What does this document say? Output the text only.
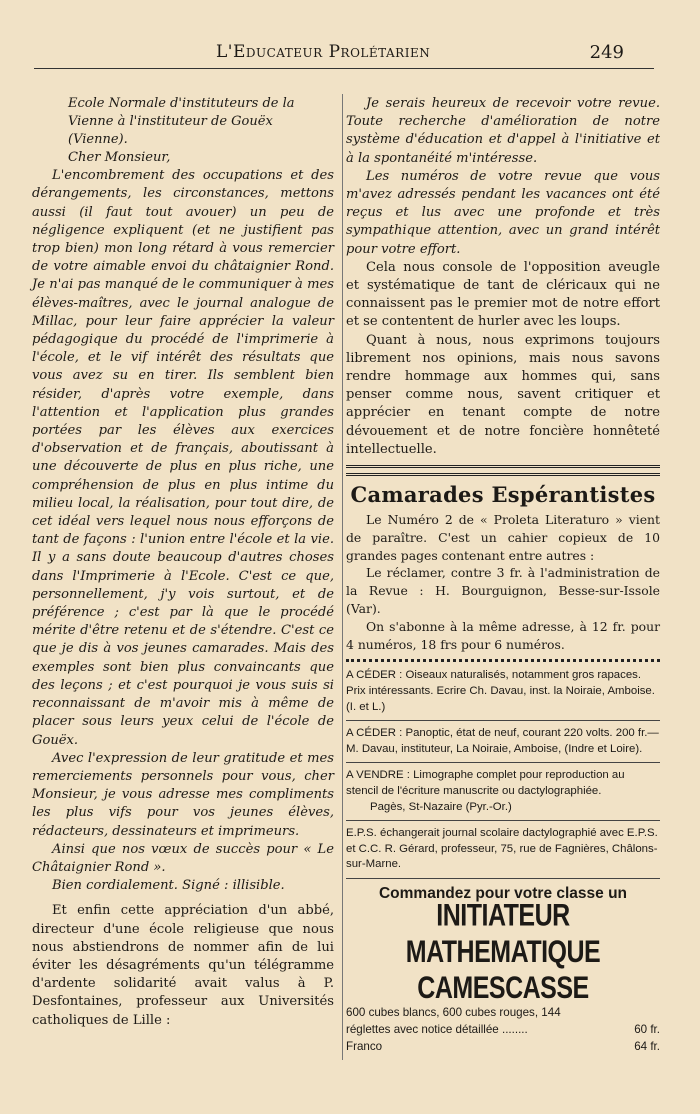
L'Educateur Prolétarien	249

Ecole Normale d'instituteurs de la

Vienne à l'instituteur de Gouëx

(Vienne).

Cher Monsieur,

L'encombrement des occupations et des dérangements, les circonstances, mettons aussi (il faut tout avouer) un peu de négligence expliquent (et ne justifient pas trop bien) mon long rétard à vous remercier de votre aimable envoi du châtaignier Rond. Je n'ai pas manqué de le communiquer à mes élèves-maîtres, avec le journal analogue de Millac, pour leur faire apprécier la valeur pédagogique du procédé de l'imprimerie à l'école, et le vif intérêt des résultats que vous avez su en tirer. Ils semblent bien résider, d'après votre exemple, dans l'attention et l'application plus grandes portées par les élèves aux exercices d'observation et de français, aboutissant à une découverte de plus en plus riche, une compréhension de plus en plus intime du milieu local, la réalisation, pour tout dire, de cet idéal vers lequel nous nous efforçons de tant de façons : l'union entre l'école et la vie. Il y a sans doute beaucoup d'autres choses dans l'Imprimerie à l'Ecole. C'est ce que, personnellement, j'y vois surtout, et de préférence ; c'est par là que le procédé mérite d'être retenu et de s'étendre. C'est ce que je dis à vos jeunes camarades. Mais des exemples sont bien plus convaincants que des leçons ; et c'est pourquoi je vous suis si reconnaissant de m'avoir mis à même de placer sous leurs yeux celui de l'école de Gouëx.

Avec l'expression de leur gratitude et mes remerciements personnels pour vous, cher Monsieur, je vous adresse mes compliments les plus vifs pour vos jeunes élèves, rédacteurs, dessinateurs et imprimeurs.

Ainsi que nos vœux de succès pour « Le Châtaignier Rond ».

Bien cordialement. Signé : illisible.

Et enfin cette appréciation d'un abbé, directeur d'une école religieuse que nous nous abstiendrons de nommer afin de lui éviter les désagréments qu'un télégramme d'ardente solidarité avait valus à P. Desfontaines, professeur aux Universités catholiques de Lille :

Je serais heureux de recevoir votre revue. Toute recherche d'amélioration de notre système d'éducation et d'appel à l'initiative et à la spontanéité m'intéresse.

Les numéros de votre revue que vous m'avez adressés pendant les vacances ont été reçus et lus avec une profonde et très sympathique attention, avec un grand intérêt pour votre effort.

Cela nous console de l'opposition aveugle et systématique de tant de cléricaux qui ne connaissent pas le premier mot de notre effort et se contentent de hurler avec les loups.

Quant à nous, nous exprimons toujours librement nos opinions, mais nous savons rendre hommage aux hommes qui, sans penser comme nous, savent critiquer et apprécier en tenant compte de notre dévouement et de notre foncière honnêteté intellectuelle.

Camarades Espérantistes

Le Numéro 2 de « Proleta Literaturo » vient de paraître. C'est un cahier copieux de 10 grandes pages contenant entre autres :

Le réclamer, contre 3 fr. à l'administration de la Revue : H. Bourguignon, Besse-sur-Issole (Var).

On s'abonne à la même adresse, à 12 fr. pour 4 numéros, 18 frs pour 6 numéros.

A CÉDER : Oiseaux naturalisés, notamment gros rapaces. Prix intéressants. Ecrire Ch. Davau, inst. la Noiraie, Amboise. (I. et L.)

A CÉDER : Panoptic, état de neuf, courant 220 volts. 200 fr.— M. Davau, instituteur, La Noiraie, Amboise, (Indre et Loire).

A VENDRE : Limographe complet pour reproduction au stencil de l'écriture manuscrite ou dactylographiée.

Pagès, St-Nazaire (Pyr.-Or.)

E.P.S. échangerait journal scolaire dactylographié avec E.P.S. et C.C. R. Gérard, professeur, 75, rue de Fagnières, Châlons-sur-Marne.

Commandez pour votre classe un
INITIATEUR MATHEMATIQUE CAMESCASSE
600 cubes blancs, 600 cubes rouges, 144
réglettes avec notice détaillée ........	60 fr.
Franco	64 fr.
